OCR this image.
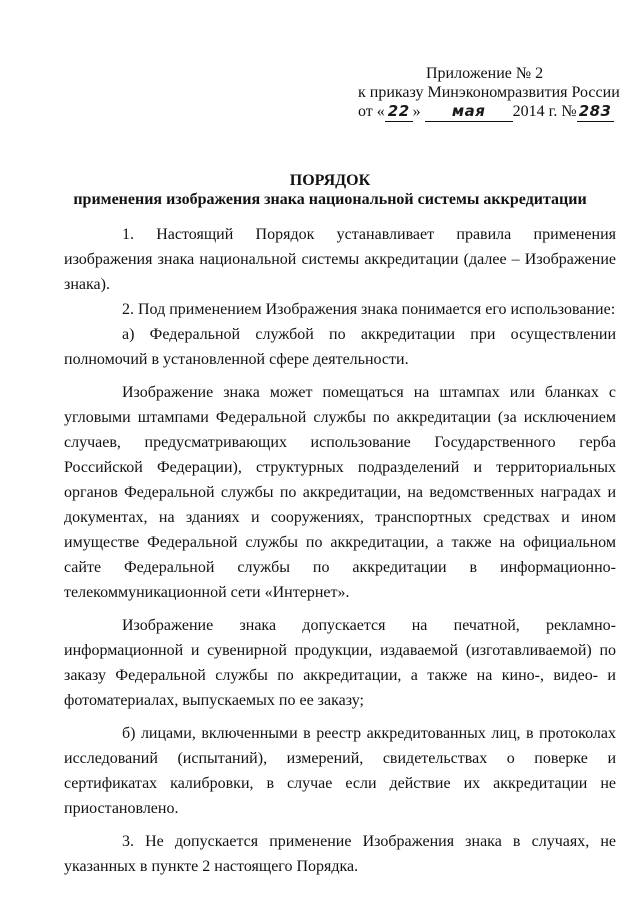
Приложение № 2
к приказу Минэкономразвития России
от « 22 » мая 2014 г. № 283
ПОРЯДОК
применения изображения знака национальной системы аккредитации

1. Настоящий Порядок устанавливает правила применения изображения знака национальной системы аккредитации (далее – Изображение знака).

2. Под применением Изображения знака понимается его использование:

а) Федеральной службой по аккредитации при осуществлении полномочий в установленной сфере деятельности.

Изображение знака может помещаться на штампах или бланках с угловыми штампами Федеральной службы по аккредитации (за исключением случаев, предусматривающих использование Государственного герба Российской Федерации), структурных подразделений и территориальных органов Федеральной службы по аккредитации, на ведомственных наградах и документах, на зданиях и сооружениях, транспортных средствах и ином имуществе Федеральной службы по аккредитации, а также на официальном сайте Федеральной службы по аккредитации в информационно-телекоммуникационной сети «Интернет».

Изображение знака допускается на печатной, рекламно-информационной и сувенирной продукции, издаваемой (изготавливаемой) по заказу Федеральной службы по аккредитации, а также на кино-, видео- и фотоматериалах, выпускаемых по ее заказу;

б) лицами, включенными в реестр аккредитованных лиц, в протоколах исследований (испытаний), измерений, свидетельствах о поверке и сертификатах калибровки, в случае если действие их аккредитации не приостановлено.

3. Не допускается применение Изображения знака в случаях, не указанных в пункте 2 настоящего Порядка.
